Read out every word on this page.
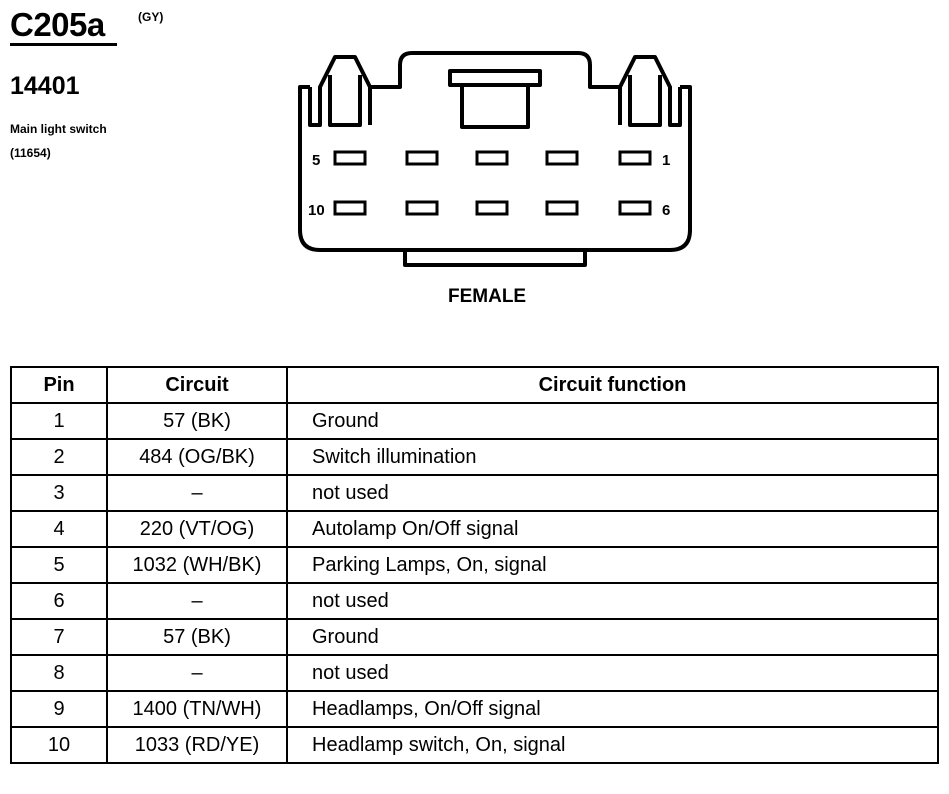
C205a	(GY)
14401
Main light switch
(11654)	5	1
10	6
FEMALE
Pin	Circuit	Circuit function
1	57 (BK)	Ground
2	484 (OG/BK)	Switch illumination
3	–	not used
4	220 (VT/OG)	Autolamp On/Off signal
5	1032 (WH/BK)	Parking Lamps, On, signal
6	–	not used
7	57 (BK)	Ground
8	–	not used
9	1400 (TN/WH)	Headlamps, On/Off signal
10	1033 (RD/YE)	Headlamp switch, On, signal
